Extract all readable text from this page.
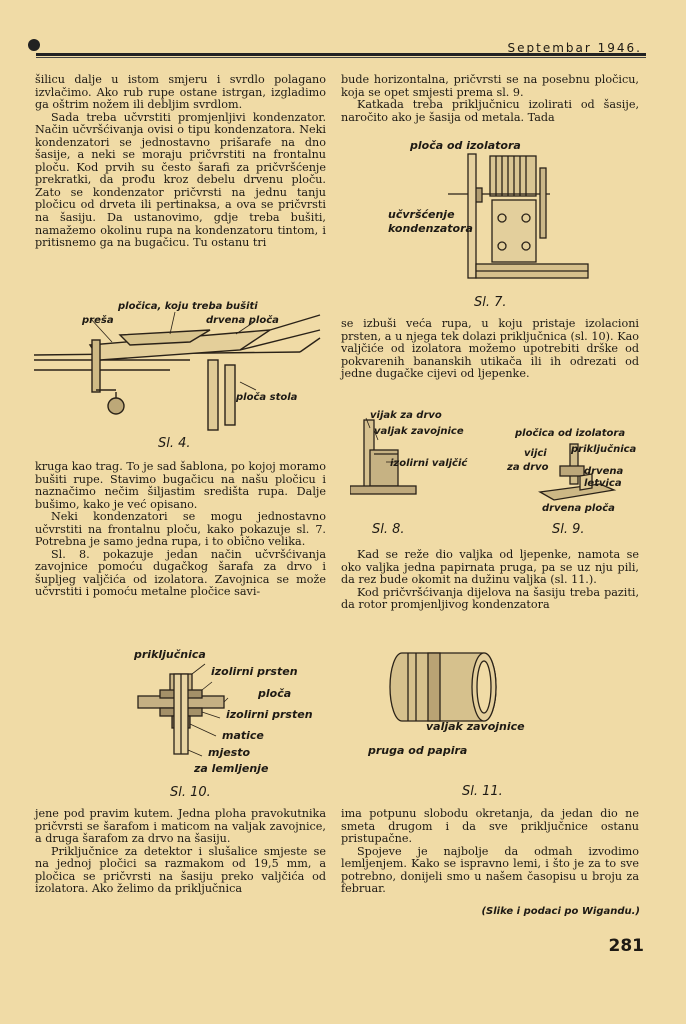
Septembar 1946.

šilicu dalje u istom smjeru i svrdlo polagano izvlačimo. Ako rub rupe ostane istrgan, izgladimo ga oštrim nožem ili debljim svrdlom.

Sada treba učvrstiti promjenljivi kondenzator. Način učvršćivanja ovisi o tipu kondenzatora. Neki kondenzatori se jednostavno prišarafe na dno šasije, a neki se moraju pričvrstiti na frontalnu ploču. Kod prvih su često šarafi za pričvršćenje prekratki, da prođu kroz debelu drvenu ploču. Zato se kondenzator pričvrsti na jednu tanju pločicu od drveta ili pertinaksa, a ova se pričvrsti na šasiju. Da ustanovimo, gdje treba bušiti, namažemo okolinu rupa na kondenzatoru tintom, i pritisnemo ga na bugačicu. Tu ostanu tri

pločica, koju treba bušiti
preša	drvena ploča
ploča stola
Sl. 4.

kruga kao trag. To je sad šablona, po kojoj moramo bušiti rupe. Stavimo bugačicu na našu pločicu i naznačimo nečim šiljastim središta rupa. Dalje bušimo, kako je već opisano.

Neki kondenzatori se mogu jednostavno učvrstiti na frontalnu ploču, kako pokazuje sl. 7. Potrebna je samo jedna rupa, i to obično velika.

Sl. 8. pokazuje jedan način učvršćivanja zavojnice pomoću dugačkog šarafa za drvo i šupljeg valjčića od izolatora. Zavojnica se može učvrstiti i pomoću metalne pločice savi-

priključnica
izolirni prsten
ploča
izolirni prsten
matice
mjesto
za lemljenje
Sl. 10.

jene pod pravim kutem. Jedna ploha pravokutnika pričvrsti se šarafom i maticom na valjak zavojnice, a druga šarafom za drvo na šasiju.

Priključnice za detektor i slušalice smjeste se na jednoj pločici sa razmakom od 19,5 mm, a pločica se pričvrsti na šasiju preko valjčića od izolatora. Ako želimo da priključnica

bude horizontalna, pričvrsti se na posebnu pločicu, koja se opet smjesti prema sl. 9.

Katkada treba priključnicu izolirati od šasije, naročito ako je šasija od metala. Tada

ploča od izolatora
učvršćenje
kondenzatora
Sl. 7.

se izbuši veća rupa, u koju pristaje izolacioni prsten, a u njega tek dolazi priključnica (sl. 10). Kao valjčiće od izolatora možemo upotrebiti drške od pokvarenih bananskih utikača ili ih odrezati od jedne dugačke cijevi od ljepenke.

vijak za drvo
valjak zavojnice
izolirni valjčić
Sl. 8.
pločica od izolatora
priključnica
vijci
za drvo	drvena
letvica
drvena ploča
Sl. 9.

Kad se reže dio valjka od ljepenke, namota se oko valjka jedna papirnata pruga, pa se uz nju pili, da rez bude okomit na dužinu valjka (sl. 11.).

Kod pričvršćivanja dijelova na šasiju treba paziti, da rotor promjenljivog kondenzatora

valjak zavojnice
pruga od papira
Sl. 11.

ima potpunu slobodu okretanja, da jedan dio ne smeta drugom i da sve priključnice ostanu pristupačne.

Spojeve je najbolje da odmah izvodimo lemljenjem. Kako se ispravno lemi, i što je za to sve potrebno, donijeli smo u našem časopisu u broju za februar.

(Slike i podaci po Wigandu.)
281
